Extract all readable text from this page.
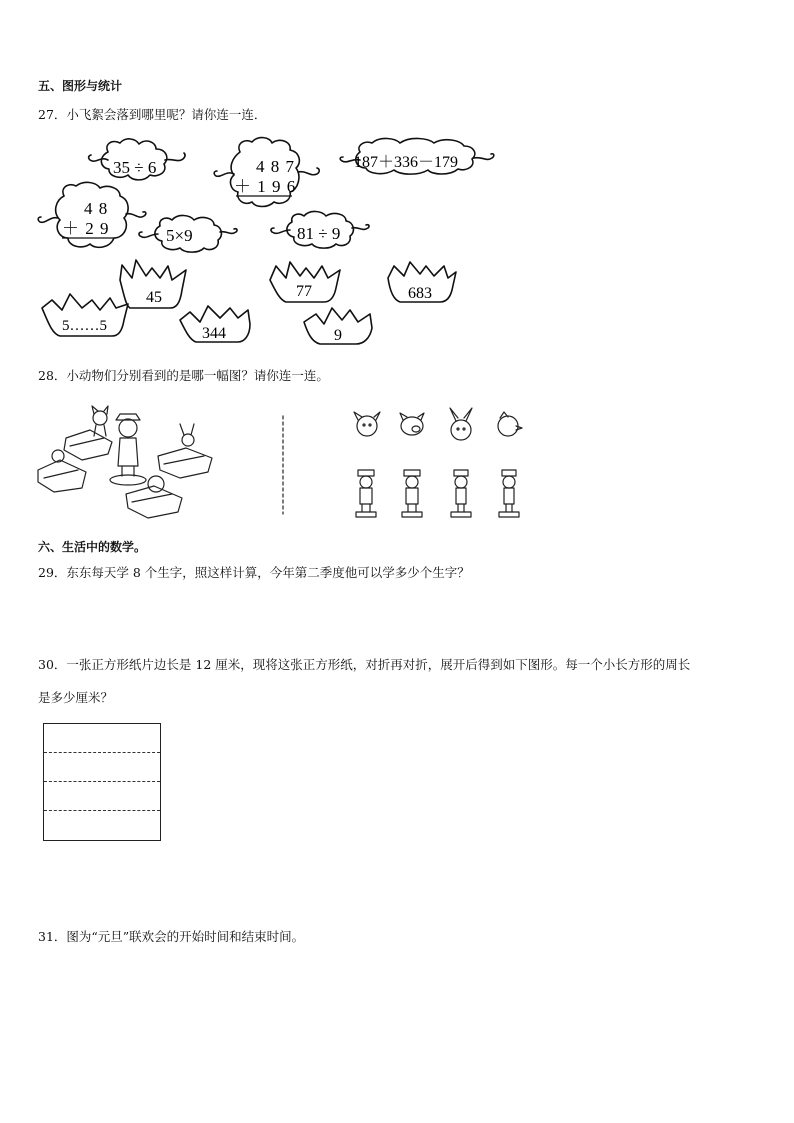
五、图形与统计
27．小飞絮会落到哪里呢？请你连一连．
35 ÷ 6	4 8 7
＋ 1 9 6
187＋336－179
4 8
＋ 2 9	5×9	81 ÷ 9
45	77	683
5……5	344	9
28．小动物们分别看到的是哪一幅图？请你连一连。
六、生活中的数学。
29．东东每天学 8 个生字，照这样计算，今年第二季度他可以学多少个生字？
30．一张正方形纸片边长是 12 厘米，现将这张正方形纸，对折再对折，展开后得到如下图形。每一个小长方形的周长
是多少厘米？
31．图为“元旦”联欢会的开始时间和结束时间。
